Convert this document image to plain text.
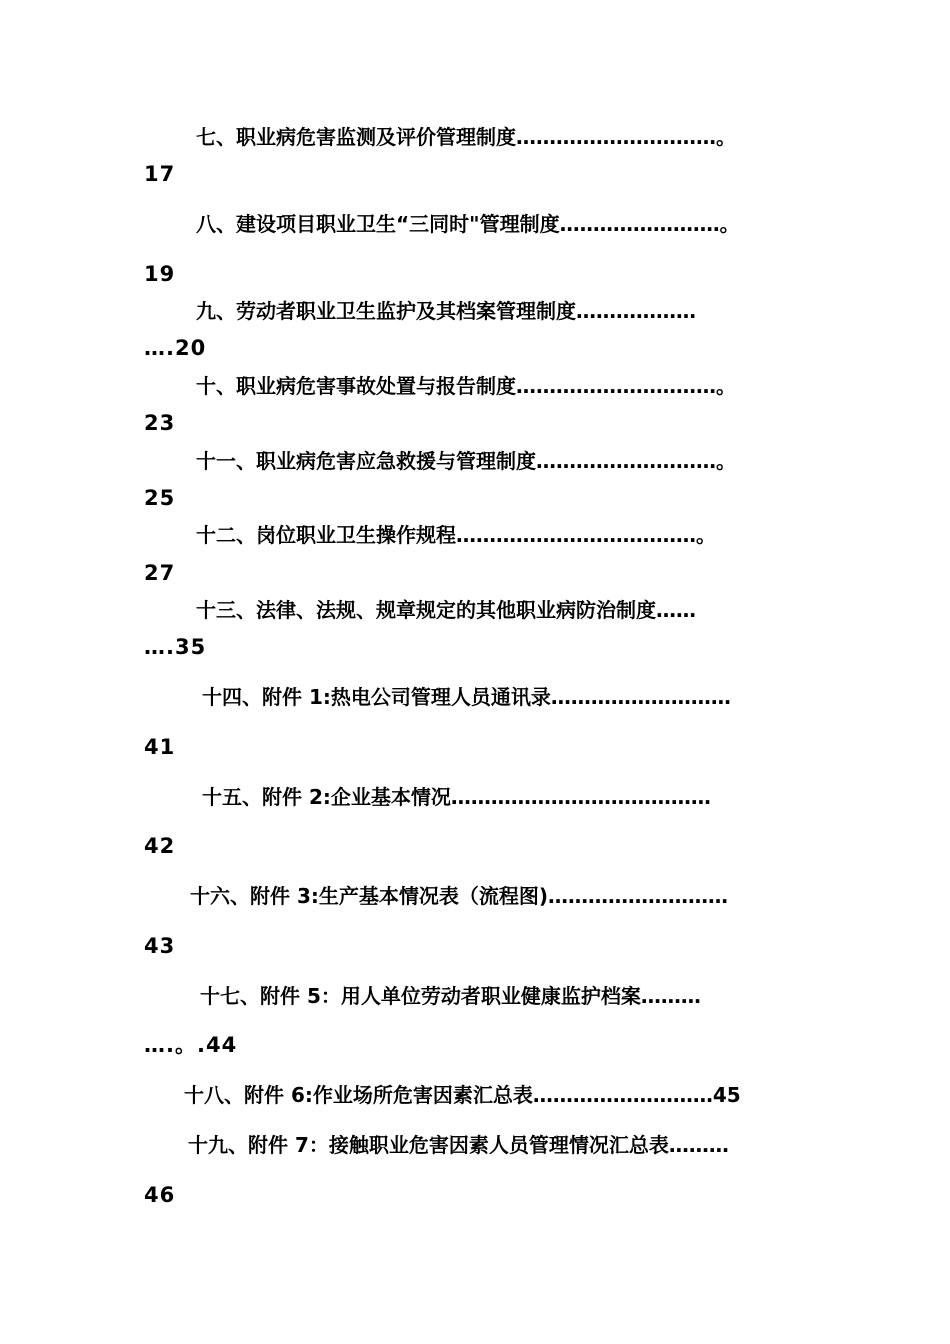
七、职业病危害监测及评价管理制度…………………………。
17
八、建设项目职业卫生“三同时"管理制度……………………。
19
九、劳动者职业卫生监护及其档案管理制度………………
….20
十、职业病危害事故处置与报告制度…………………………。
23
十一、职业病危害应急救援与管理制度………………………。
25
十二、岗位职业卫生操作规程………………………………。
27
十三、法律、法规、规章规定的其他职业病防治制度……
….35
十四、附件 1:热电公司管理人员通讯录………………………
41
十五、附件 2:企业基本情况…………………………………
42
十六、附件 3:生产基本情况表（流程图)………………………
43
十七、附件 5：用人单位劳动者职业健康监护档案………
….。.44
十八、附件 6:作业场所危害因素汇总表………………………45
十九、附件 7：接触职业危害因素人员管理情况汇总表………
46
